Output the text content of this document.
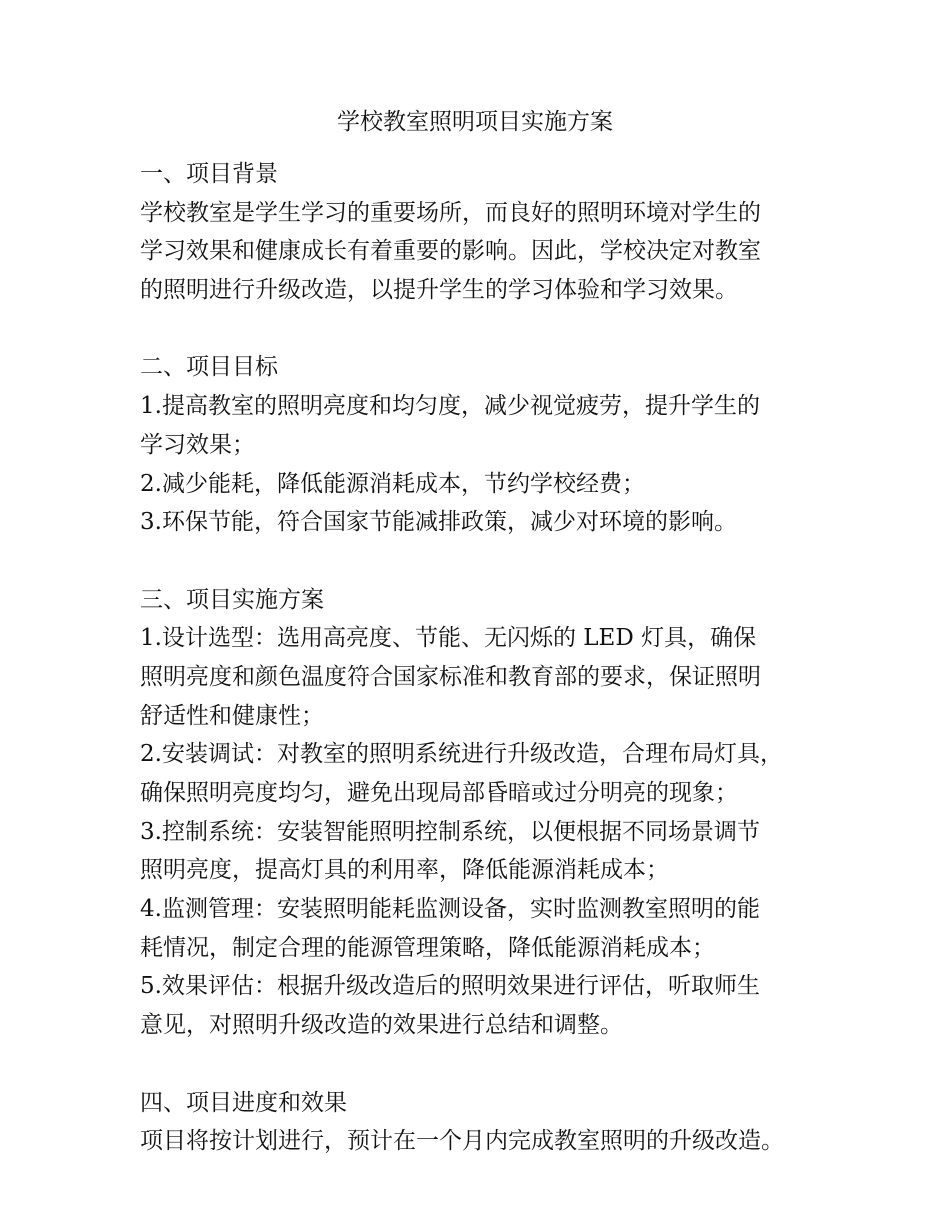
学校教室照明项目实施方案
一、项目背景
学校教室是学生学习的重要场所，而良好的照明环境对学生的
学习效果和健康成长有着重要的影响。因此，学校决定对教室
的照明进行升级改造，以提升学生的学习体验和学习效果。
二、项目目标
1.提高教室的照明亮度和均匀度，减少视觉疲劳，提升学生的
学习效果；
2.减少能耗，降低能源消耗成本，节约学校经费；
3.环保节能，符合国家节能减排政策，减少对环境的影响。
三、项目实施方案
1.设计选型：选用高亮度、节能、无闪烁的 LED 灯具，确保
照明亮度和颜色温度符合国家标准和教育部的要求，保证照明
舒适性和健康性；
2.安装调试：对教室的照明系统进行升级改造，合理布局灯具，
确保照明亮度均匀，避免出现局部昏暗或过分明亮的现象；
3.控制系统：安装智能照明控制系统，以便根据不同场景调节
照明亮度，提高灯具的利用率，降低能源消耗成本；
4.监测管理：安装照明能耗监测设备，实时监测教室照明的能
耗情况，制定合理的能源管理策略，降低能源消耗成本；
5.效果评估：根据升级改造后的照明效果进行评估，听取师生
意见，对照明升级改造的效果进行总结和调整。
四、项目进度和效果
项目将按计划进行，预计在一个月内完成教室照明的升级改造。
